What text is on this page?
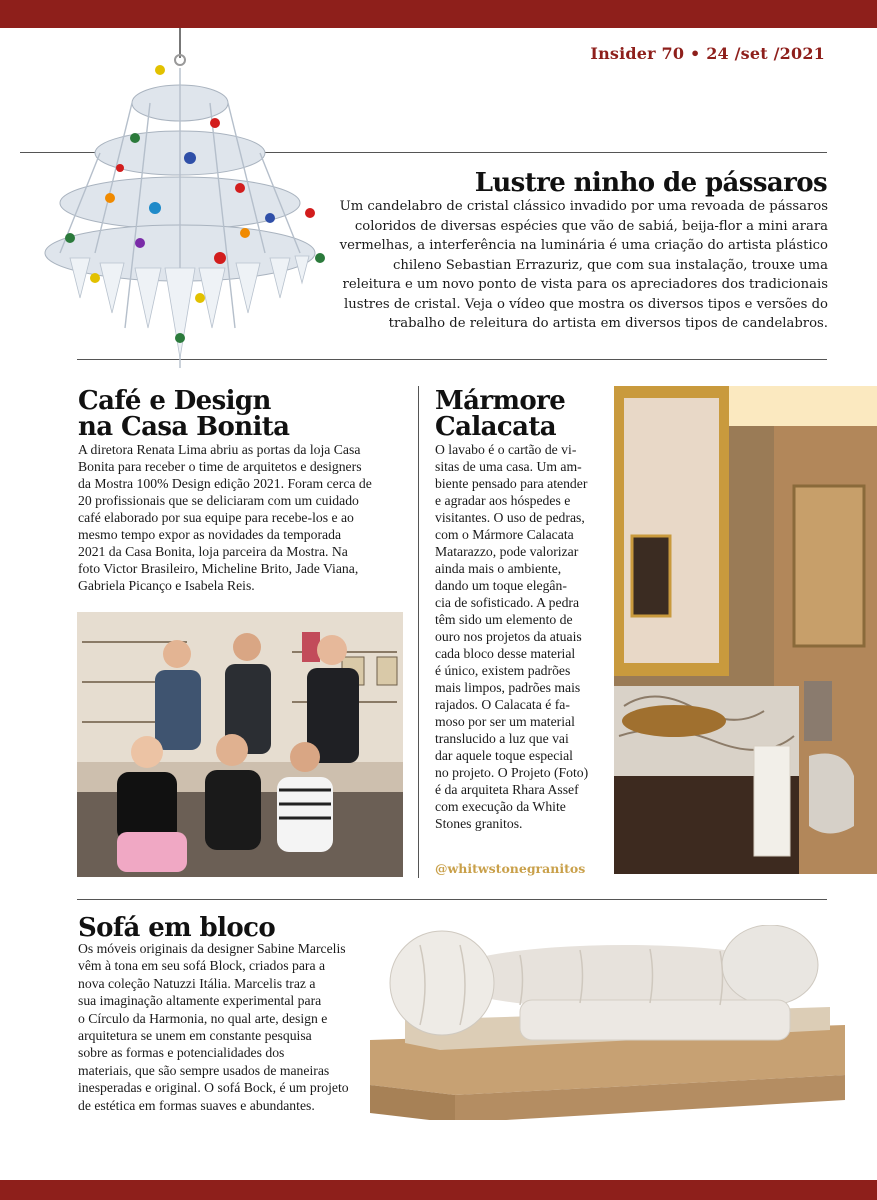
Insider 70 • 24 /set /2021
Lustre ninho de pássaros
Um candelabro de cristal clássico invadido por uma revoada de pássaros
coloridos de diversas espécies que vão de sabiá, beija-flor a mini arara
vermelhas, a interferência na luminária é uma criação do artista plástico
chileno Sebastian Errazuriz, que com sua instalação, trouxe uma
releitura e um novo ponto de vista para os apreciadores dos tradicionais
lustres de cristal. Veja o vídeo que mostra os diversos tipos e versões do
trabalho de releitura do artista em diversos tipos de candelabros.
Café e Design
na Casa Bonita
A diretora Renata Lima abriu as portas da loja Casa
Bonita para receber o time de arquitetos e designers
da Mostra 100% Design edição 2021. Foram cerca de
20 profissionais que se deliciaram com um cuidado
café elaborado por sua equipe para recebe-los e ao
mesmo tempo expor as novidades da temporada
2021 da Casa Bonita, loja parceira da Mostra. Na
foto Victor Brasileiro, Micheline Brito, Jade Viana,
Gabriela Picanço e Isabela Reis.
Mármore
Calacata
O lavabo é o cartão de vi-
sitas de uma casa. Um am-
biente pensado para atender
e agradar aos hóspedes e
visitantes. O uso de pedras,
com o Mármore Calacata
Matarazzo, pode valorizar
ainda mais o ambiente,
dando um toque elegân-
cia de sofisticado. A pedra
têm sido um elemento de
ouro nos projetos da atuais
cada bloco desse material
é único, existem padrões
mais limpos, padrões mais
rajados. O Calacata é fa-
moso por ser um material
translucido a luz que vai
dar aquele toque especial
no projeto. O Projeto (Foto)
é da arquiteta Rhara Assef
com execução da White
Stones granitos.
@whitwstonegranitos
Sofá em bloco
Os móveis originais da designer Sabine Marcelis
vêm à tona em seu sofá Block, criados para a
nova coleção Natuzzi Itália. Marcelis traz a
sua imaginação altamente experimental para
o Círculo da Harmonia, no qual arte, design e
arquitetura se unem em constante pesquisa
sobre as formas e potencialidades dos
materiais, que são sempre usados de maneiras
inesperadas e original. O sofá Bock, é um projeto
de estética em formas suaves e abundantes.
